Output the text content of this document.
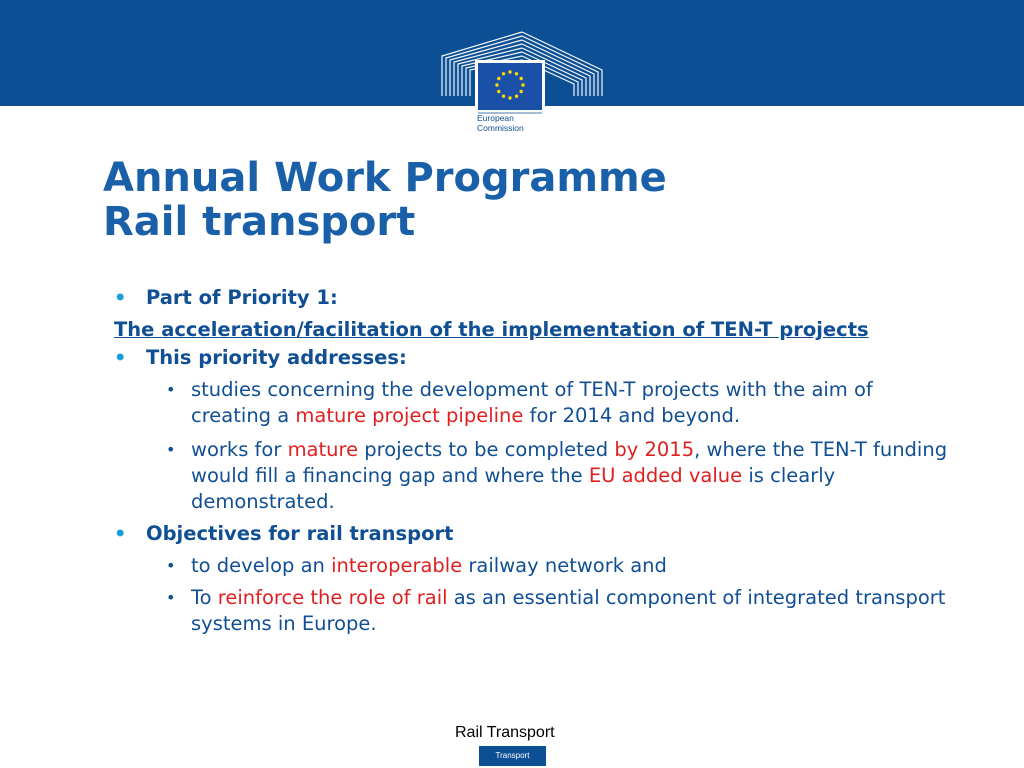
European
Commission
Annual Work Programme
Rail transport
• Part of Priority 1:
The acceleration/facilitation of the implementation of TEN-T projects
• This priority addresses:
• studies concerning the development of TEN-T projects with the aim of creating a mature project pipeline for 2014 and beyond.
• works for mature projects to be completed by 2015, where the TEN-T funding would fill a financing gap and where the EU added value is clearly demonstrated.
• Objectives for rail transport
• to develop an interoperable railway network and
• To reinforce the role of rail as an essential component of integrated transport systems in Europe.
Rail Transport
Transport
